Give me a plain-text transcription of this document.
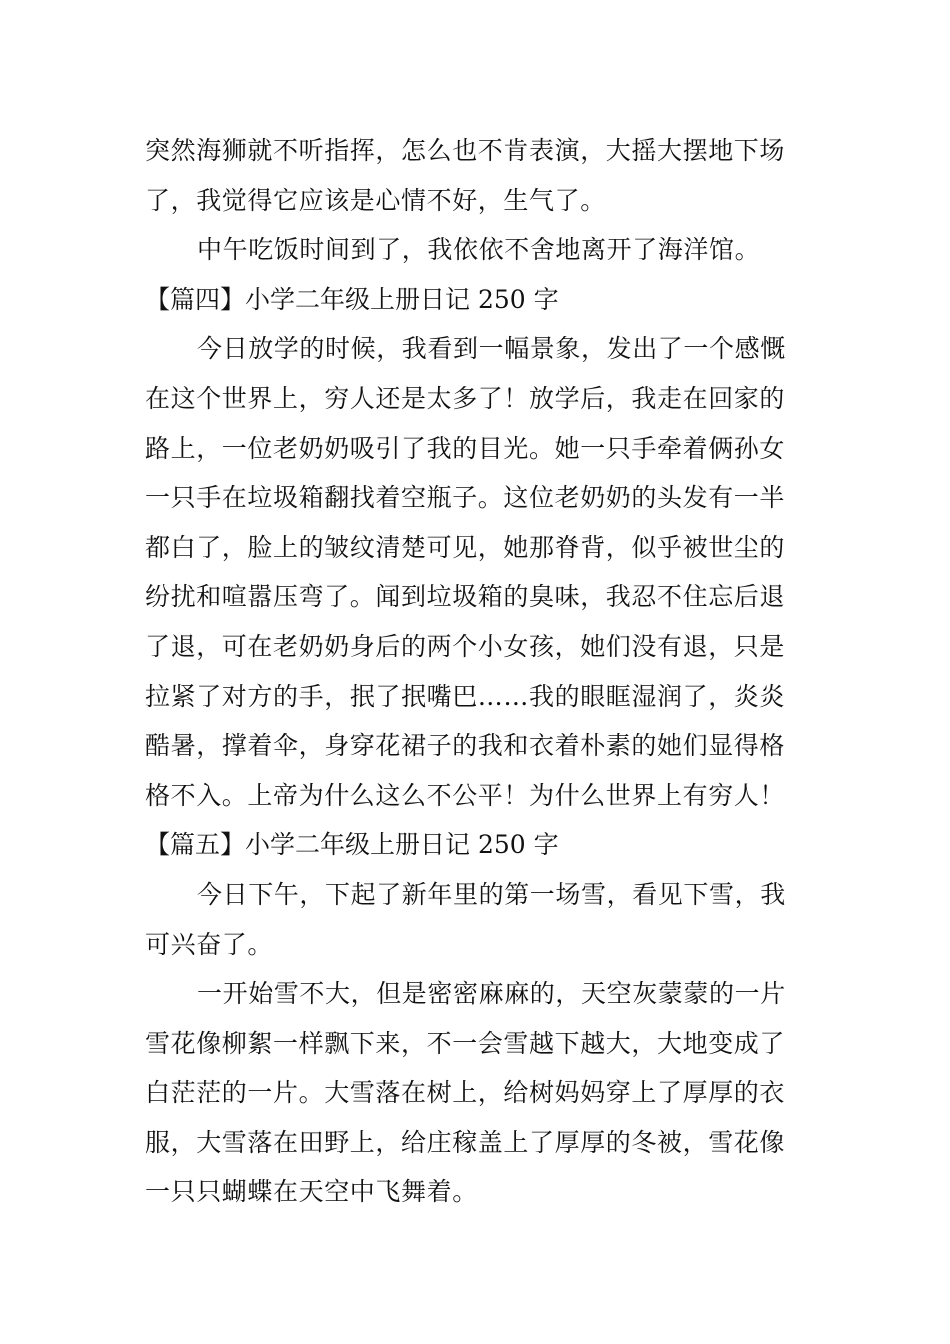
突然海狮就不听指挥，怎么也不肯表演，大摇大摆地下场
了，我觉得它应该是心情不好，生气了。
中午吃饭时间到了，我依依不舍地离开了海洋馆。
【篇四】小学二年级上册日记 250 字
今日放学的时候，我看到一幅景象，发出了一个感慨
在这个世界上，穷人还是太多了！放学后，我走在回家的
路上，一位老奶奶吸引了我的目光。她一只手牵着俩孙女
一只手在垃圾箱翻找着空瓶子。这位老奶奶的头发有一半
都白了，脸上的皱纹清楚可见，她那脊背，似乎被世尘的
纷扰和喧嚣压弯了。闻到垃圾箱的臭味，我忍不住忘后退
了退，可在老奶奶身后的两个小女孩，她们没有退，只是
拉紧了对方的手，抿了抿嘴巴……我的眼眶湿润了，炎炎
酷暑，撑着伞，身穿花裙子的我和衣着朴素的她们显得格
格不入。上帝为什么这么不公平！为什么世界上有穷人！
【篇五】小学二年级上册日记 250 字
今日下午，下起了新年里的第一场雪，看见下雪，我
可兴奋了。
一开始雪不大，但是密密麻麻的，天空灰蒙蒙的一片
雪花像柳絮一样飘下来，不一会雪越下越大，大地变成了
白茫茫的一片。大雪落在树上，给树妈妈穿上了厚厚的衣
服，大雪落在田野上，给庄稼盖上了厚厚的冬被，雪花像
一只只蝴蝶在天空中飞舞着。
